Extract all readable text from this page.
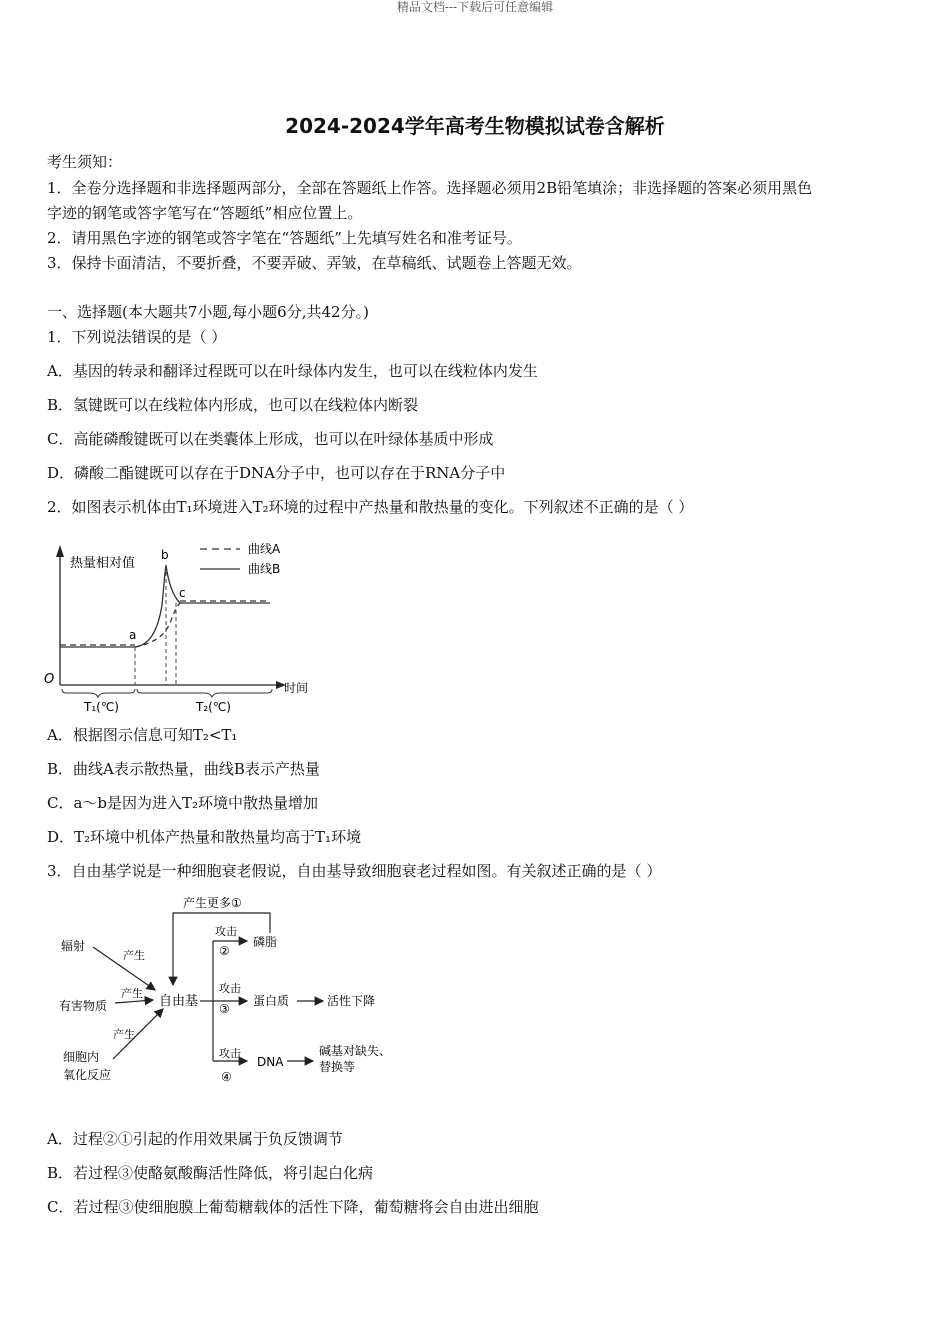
精品文档---下载后可任意编辑
2024-2024学年高考生物模拟试卷含解析
考生须知：
1．全卷分选择题和非选择题两部分，全部在答题纸上作答。选择题必须用2B铅笔填涂；非选择题的答案必须用黑色
字迹的钢笔或答字笔写在“答题纸”相应位置上。
2．请用黑色字迹的钢笔或答字笔在“答题纸”上先填写姓名和准考证号。
3．保持卡面清洁，不要折叠，不要弄破、弄皱，在草稿纸、试题卷上答题无效。
一、选择题(本大题共7小题,每小题6分,共42分。)
1．下列说法错误的是（ ）
A．基因的转录和翻译过程既可以在叶绿体内发生，也可以在线粒体内发生
B．氢键既可以在线粒体内形成，也可以在线粒体内断裂
C．高能磷酸键既可以在类囊体上形成，也可以在叶绿体基质中形成
D．磷酸二酯键既可以存在于DNA分子中，也可以存在于RNA分子中
2．如图表示机体由T₁环境进入T₂环境的过程中产热量和散热量的变化。下列叙述不正确的是（ ）
热量相对值
O
时间
曲线A
曲线B
a
b
c
T₁(℃)	T₂(℃)
A．根据图示信息可知T₂<T₁
B．曲线A表示散热量，曲线B表示产热量
C．a～b是因为进入T₂环境中散热量增加
D．T₂环境中机体产热量和散热量均高于T₁环境
3．自由基学说是一种细胞衰老假说，自由基导致细胞衰老过程如图。有关叙述正确的是（ ）
产生更多①
辐射
产生
有害物质
产生
细胞内
氧化反应
产生
自由基
攻击
②
磷脂
攻击
③
蛋白质	活性下降
攻击
④
DNA
碱基对缺失、
替换等
A．过程②①引起的作用效果属于负反馈调节
B．若过程③使酪氨酸酶活性降低，将引起白化病
C．若过程③使细胞膜上葡萄糖载体的活性下降，葡萄糖将会自由进出细胞
